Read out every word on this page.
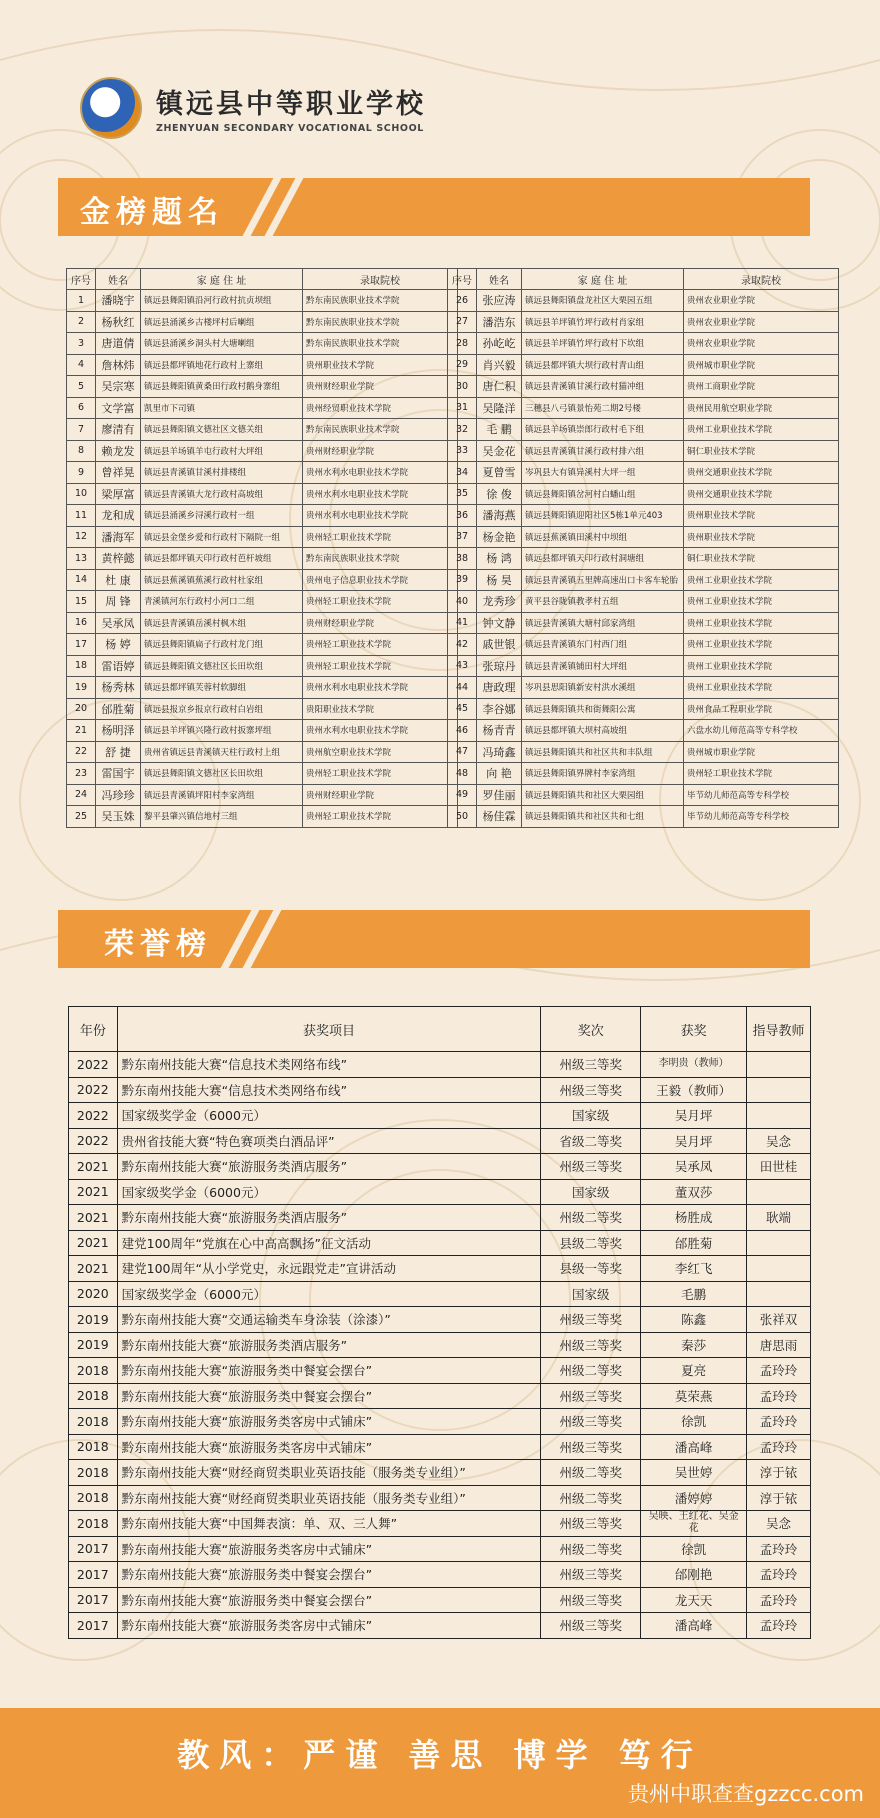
镇远县中等职业学校
ZHENYUAN SECONDARY VOCATIONAL SCHOOL
金榜题名
序号	姓名	家 庭 住 址	录取院校
1	潘晓宇	镇远县舞阳镇沿河行政村抗贞坝组	黔东南民族职业技术学院
2	杨秋红	镇远县涌溪乡古楼坪村后喇组	黔东南民族职业技术学院
3	唐道倩	镇远县涌溪乡洞头村大塘喇组	黔东南民族职业技术学院
4	詹林炜	镇远县都坪镇地花行政村上寨组	贵州职业技术学院
5	吴宗寒	镇远县舞阳镇黄桑田行政村鹅身寨组	贵州财经职业学院
6	文学富	凯里市下司镇	贵州经贸职业技术学院
7	廖清有	镇远县舞阳镇文德社区文德关组	黔东南民族职业技术学院
8	赖龙发	镇远县羊场镇羊屯行政村大坪组	贵州财经职业学院
9	曾祥晃	镇远县青溪镇甘溪村排楼组	贵州水利水电职业技术学院
10	梁厚富	镇远县青溪镇大龙行政村高坡组	贵州水利水电职业技术学院
11	龙和成	镇远县涌溪乡浔溪行政村一组	贵州水利水电职业技术学院
12	潘海军	镇远县金堡乡爱和行政村下隔院一组	贵州轻工职业技术学院
13	黄梓懿	镇远县都坪镇天印行政村芭杆坡组	黔东南民族职业技术学院
14	杜 康	镇远县蕉溪镇蕉溪行政村杜家组	贵州电子信息职业技术学院
15	周 锋	青溪镇河东行政村小河口二组	贵州轻工职业技术学院
16	吴承凤	镇远县青溪镇岳溪村枫木组	贵州财经职业学院
17	杨 婷	镇远县舞阳镇扁子行政村龙门组	贵州轻工职业技术学院
18	雷语婷	镇远县舞阳镇文德社区长田坎组	贵州轻工职业技术学院
19	杨秀林	镇远县都坪镇芙蓉村软脚组	贵州水利水电职业技术学院
20	邰胜菊	镇远县报京乡报京行政村白岩组	贵阳职业技术学院
21	杨明泽	镇远县羊坪镇兴隆行政村扳寨坪组	贵州水利水电职业技术学院
22	舒 捷	贵州省镇远县青溪镇天柱行政村上组	贵州航空职业技术学院
23	雷国宇	镇远县舞阳镇文德社区长田坎组	贵州轻工职业技术学院
24	冯珍珍	镇远县青溪镇坪阳村李家湾组	贵州财经职业学院
25	吴玉姝	黎平县肇兴镇信地村三组	贵州轻工职业技术学院
序号	姓名	家 庭 住 址	录取院校
26	张应涛	镇远县舞阳镇盘龙社区大栗园五组	贵州农业职业学院
27	潘浩东	镇远县羊坪镇竹坪行政村肖家组	贵州农业职业学院
28	孙屹屹	镇远县羊坪镇竹坪行政村下坎组	贵州农业职业学院
29	肖兴毅	镇远县都坪镇大坝行政村青山组	贵州城市职业学院
30	唐仁积	镇远县青溪镇甘溪行政村猫冲组	贵州工商职业学院
31	吴隆洋	三穗县八弓镇景怡苑二期2号楼	贵州民用航空职业学院
32	毛 鹏	镇远县羊场镇崇郎行政村毛下组	贵州工业职业技术学院
33	吴金花	镇远县青溪镇甘溪行政村排六组	铜仁职业技术学院
34	夏曾雪	岑巩县大有镇异溪村大坪一组	贵州交通职业技术学院
35	徐 俊	镇远县舞阳镇岔河村白蟠山组	贵州交通职业技术学院
36	潘海燕	镇远县舞阳镇迎阳社区5栋1单元403	贵州职业技术学院
37	杨金艳	镇远县蕉溪镇田溪村中坝组	贵州职业技术学院
38	杨 鸿	镇远县都坪镇天印行政村洞塘组	铜仁职业技术学院
39	杨 昊	镇远县青溪镇五里牌高速出口卡客车轮胎	贵州工业职业技术学院
40	龙秀珍	黄平县谷陇镇教孝村五组	贵州工业职业技术学院
41	钟文静	镇远县青溪镇大塘村邱家湾组	贵州工业职业技术学院
42	戚世银	镇远县青溪镇东门村西门组	贵州工业职业技术学院
43	张琼丹	镇远县青溪镇铺田村大坪组	贵州工业职业技术学院
44	唐政理	岑巩县思阳镇新安村洪水溪组	贵州工业职业技术学院
45	李谷娜	镇远县舞阳镇共和街舞阳公寓	贵州食品工程职业学院
46	杨青青	镇远县都坪镇大坝村高坡组	六盘水幼儿师范高等专科学校
47	冯琦鑫	镇远县舞阳镇共和社区共和丰队组	贵州城市职业学院
48	向 艳	镇远县舞阳镇界牌村李家湾组	贵州轻工职业技术学院
49	罗佳丽	镇远县舞阳镇共和社区大栗园组	毕节幼儿师范高等专科学校
50	杨佳霖	镇远县舞阳镇共和社区共和七组	毕节幼儿师范高等专科学校
荣誉榜
年份	获奖项目	奖次	获奖	指导教师
2022	黔东南州技能大赛“信息技术类网络布线”	州级三等奖	李明贵（教师）	
2022	黔东南州技能大赛“信息技术类网络布线”	州级三等奖	王毅（教师）	
2022	国家级奖学金（6000元）	国家级	吴月坪	
2022	贵州省技能大赛“特色赛项类白酒品评”	省级二等奖	吴月坪	吴念
2021	黔东南州技能大赛“旅游服务类酒店服务”	州级三等奖	吴承凤	田世桂
2021	国家级奖学金（6000元）	国家级	董双莎	
2021	黔东南州技能大赛“旅游服务类酒店服务”	州级二等奖	杨胜成	耿端
2021	建党100周年“党旗在心中高高飘扬”征文活动	县级二等奖	邰胜菊	
2021	建党100周年“从小学党史，永远跟党走”宣讲活动	县级一等奖	李红飞	
2020	国家级奖学金（6000元）	国家级	毛鹏	
2019	黔东南州技能大赛“交通运输类车身涂装（涂漆）”	州级三等奖	陈鑫	张祥双
2019	黔东南州技能大赛“旅游服务类酒店服务”	州级三等奖	秦莎	唐思雨
2018	黔东南州技能大赛“旅游服务类中餐宴会摆台”	州级二等奖	夏亮	孟玲玲
2018	黔东南州技能大赛“旅游服务类中餐宴会摆台”	州级三等奖	莫荣燕	孟玲玲
2018	黔东南州技能大赛“旅游服务类客房中式铺床”	州级三等奖	徐凯	孟玲玲
2018	黔东南州技能大赛“旅游服务类客房中式铺床”	州级三等奖	潘高峰	孟玲玲
2018	黔东南州技能大赛“财经商贸类职业英语技能（服务类专业组）”	州级二等奖	吴世婷	淳于铱
2018	黔东南州技能大赛“财经商贸类职业英语技能（服务类专业组）”	州级二等奖	潘婷婷	淳于铱
2018	黔东南州技能大赛“中国舞表演：单、双、三人舞”	州级三等奖	吴映、王红花、吴金花	吴念
2017	黔东南州技能大赛“旅游服务类客房中式铺床”	州级二等奖	徐凯	孟玲玲
2017	黔东南州技能大赛“旅游服务类中餐宴会摆台”	州级三等奖	邰刚艳	孟玲玲
2017	黔东南州技能大赛“旅游服务类中餐宴会摆台”	州级三等奖	龙天天	孟玲玲
2017	黔东南州技能大赛“旅游服务类客房中式铺床”	州级三等奖	潘高峰	孟玲玲
教风：严谨 善思 博学 笃行
贵州中职查查gzzcc.com
